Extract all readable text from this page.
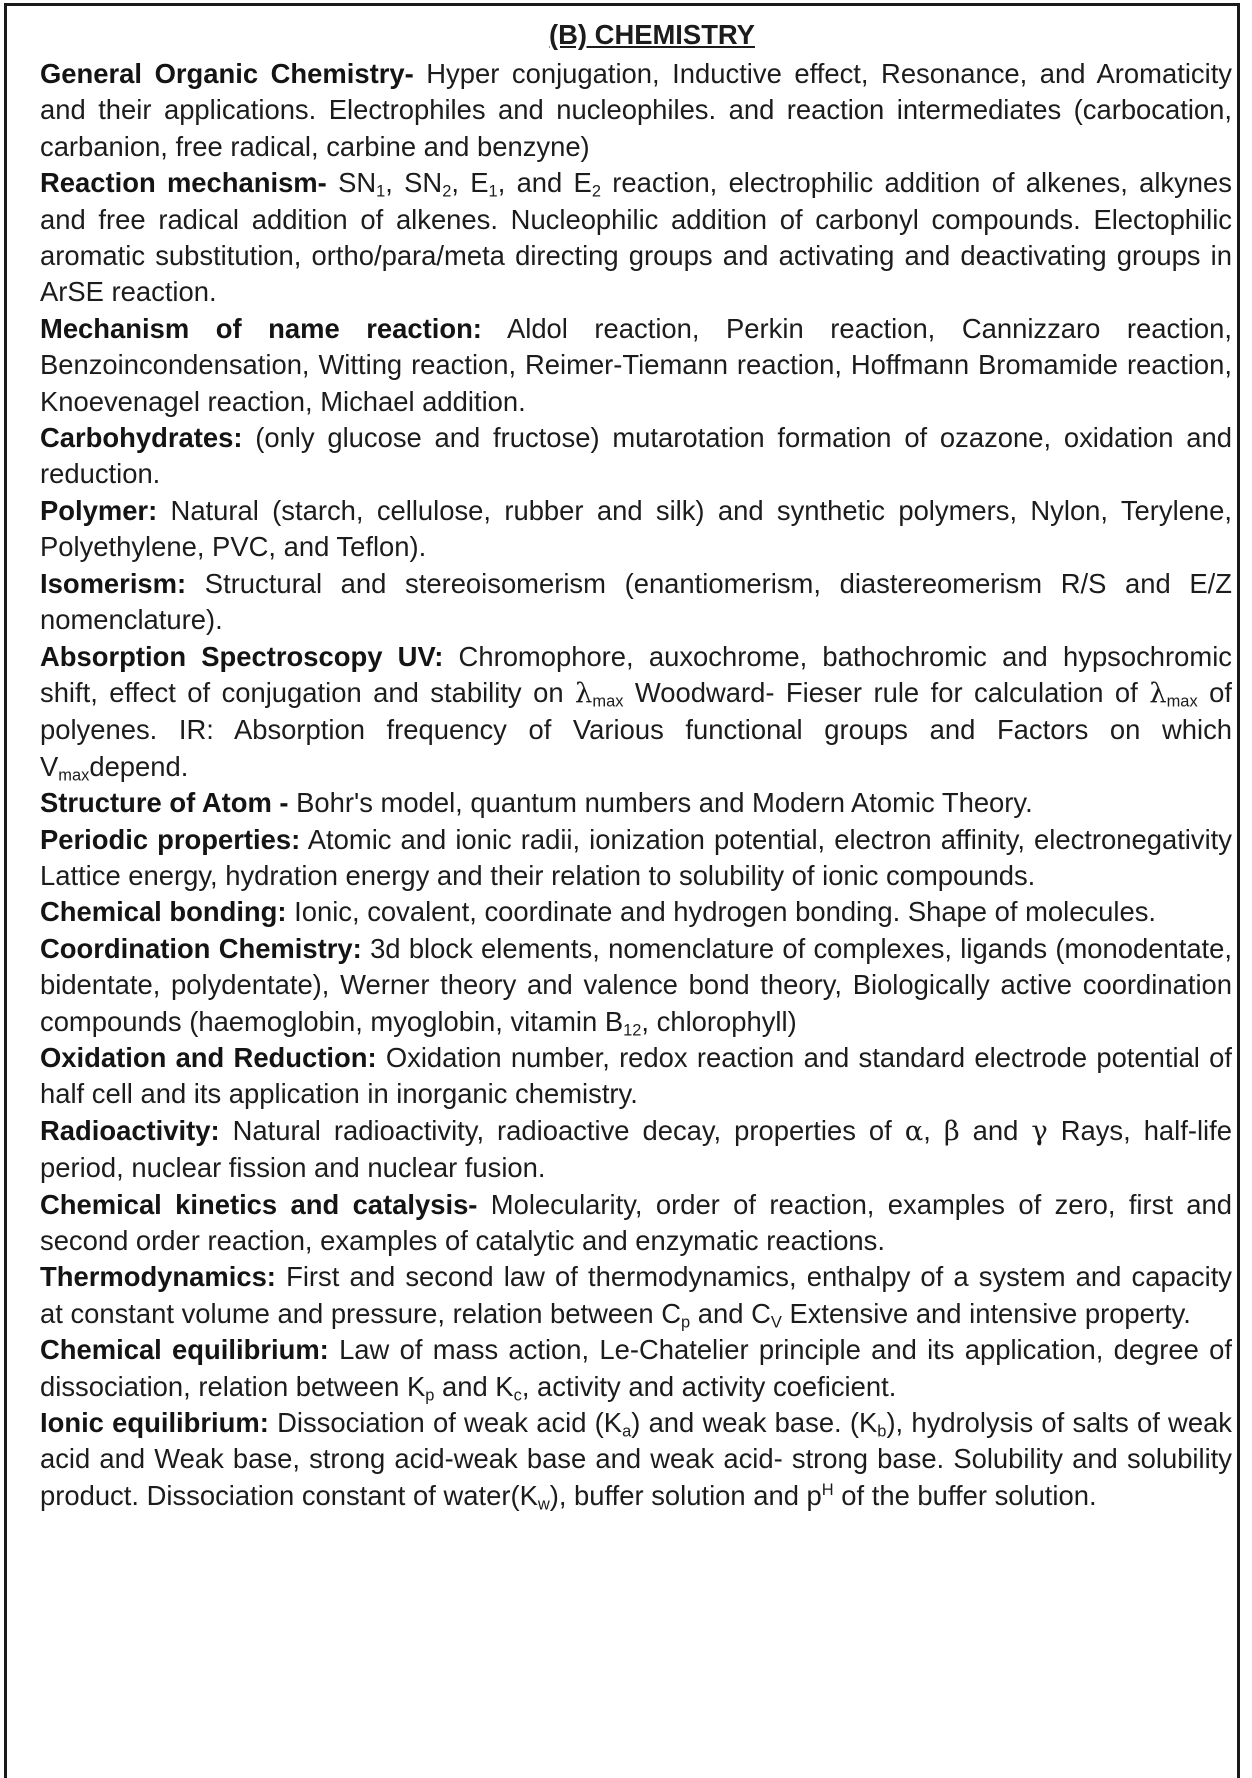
(B) CHEMISTRY

General Organic Chemistry- Hyper conjugation, Inductive effect, Resonance, and Aromaticity and their applications. Electrophiles and nucleophiles. and reaction intermediates (carbocation, carbanion, free radical, carbine and benzyne)

Reaction mechanism- $SN_1$, $SN_2$, $E_1$, and $E_2$ reaction, electrophilic addition of alkenes, alkynes and free radical addition of alkenes. Nucleophilic addition of carbonyl compounds. Electophilic aromatic substitution, ortho/para/meta directing groups and activating and deactivating groups in ArSE reaction.

Mechanism of name reaction: Aldol reaction, Perkin reaction, Cannizzaro reaction, Benzoincondensation, Witting reaction, Reimer-Tiemann reaction, Hoffmann Bromamide reaction, Knoevenagel reaction, Michael addition.

Carbohydrates: (only glucose and fructose) mutarotation formation of ozazone, oxidation and reduction.

Polymer: Natural (starch, cellulose, rubber and silk) and synthetic polymers, Nylon, Terylene, Polyethylene, PVC, and Teflon).

Isomerism: Structural and stereoisomerism (enantiomerism, diastereomerism R/S and E/Z nomenclature).

Absorption Spectroscopy UV: Chromophore, auxochrome, bathochromic and hypsochromic shift, effect of conjugation and stability on $\lambda_{max}$ Woodward- Fieser rule for calculation of $\lambda_{max}$ of polyenes. IR: Absorption frequency of Various functional groups and Factors on which $V_{max}depend$.

Structure of Atom - Bohr's model, quantum numbers and Modern Atomic Theory.

Periodic properties: Atomic and ionic radii, ionization potential, electron affinity, electronegativity Lattice energy, hydration energy and their relation to solubility of ionic compounds.

Chemical bonding: Ionic, covalent, coordinate and hydrogen bonding. Shape of molecules.

Coordination Chemistry: 3d block elements, nomenclature of complexes, ligands (monodentate, bidentate, polydentate), Werner theory and valence bond theory, Biologically active coordination compounds (haemoglobin, myoglobin, vitamin $B_{12}$, chlorophyll)

Oxidation and Reduction: Oxidation number, redox reaction and standard electrode potential of half cell and its application in inorganic chemistry.

Radioactivity: Natural radioactivity, radioactive decay, properties of α, β and γ Rays, half-life period, nuclear fission and nuclear fusion.

Chemical kinetics and catalysis- Molecularity, order of reaction, examples of zero, first and second order reaction, examples of catalytic and enzymatic reactions.

Thermodynamics: First and second law of thermodynamics, enthalpy of a system and capacity at constant volume and pressure, relation between $C_p$ and $C_V$ Extensive and intensive property.

Chemical equilibrium: Law of mass action, Le-Chatelier principle and its application, degree of dissociation, relation between $K_p$ and $K_c$, activity and activity coeficient.

Ionic equilibrium: Dissociation of weak acid $(K_a)$ and weak base. $(K_b)$, hydrolysis of salts of weak acid and Weak base, strong acid-weak base and weak acid- strong base. Solubility and solubility product. Dissociation constant of $water(K_w)$, buffer solution and $p^H$ of the buffer solution.
